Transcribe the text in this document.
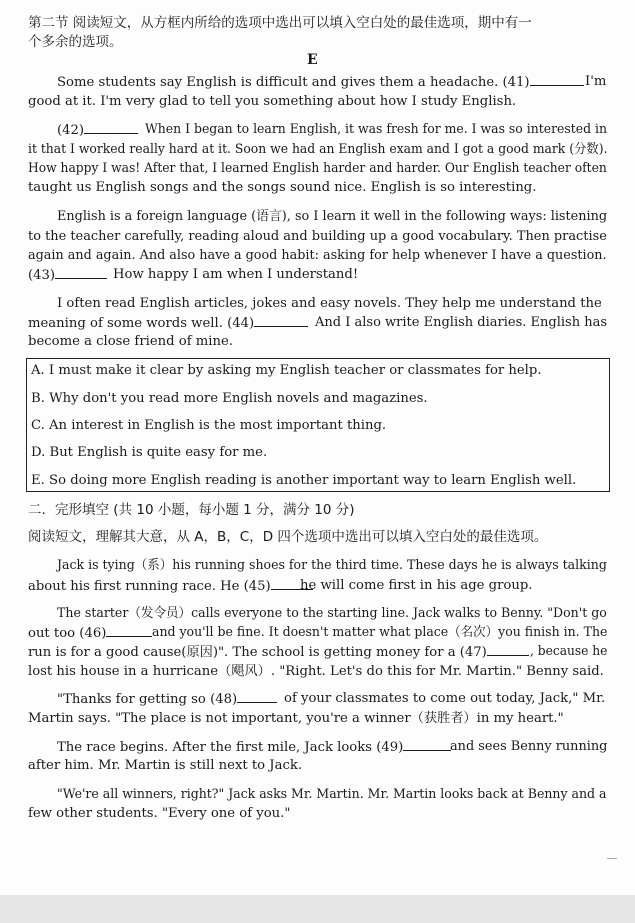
第二节 阅读短文，从方框内所给的选项中选出可以填入空白处的最佳选项，期中有一
个多余的选项。
E
Some students say English is difficult and gives them a headache. (41)	I'm
good at it. I'm very glad to tell you something about how I study English.
(42)	When I began to learn English, it was fresh for me. I was so interested in
it that I worked really hard at it. Soon we had an English exam and I got a good mark (分数).
How happy I was! After that, I learned English harder and harder. Our English teacher often
taught us English songs and the songs sound nice. English is so interesting.
English is a foreign language (语言), so I learn it well in the following ways: listening
to the teacher carefully, reading aloud and building up a good vocabulary. Then practise
again and again. And also have a good habit: asking for help whenever I have a question.
(43)	How happy I am when I understand!
I often read English articles, jokes and easy novels. They help me understand the
meaning of some words well. (44)	And I also write English diaries. English has
become a close friend of mine.
A. I must make it clear by asking my English teacher or classmates for help.
B. Why don't you read more English novels and magazines.
C. An interest in English is the most important thing.
D. But English is quite easy for me.
E. So doing more English reading is another important way to learn English well.
二．完形填空 (共 10 小题，每小题 1 分，满分 10 分)
阅读短文，理解其大意，从 A，B，C，D 四个选项中选出可以填入空白处的最佳选项。
Jack is tying（系）his running shoes for the third time. These days he is always talking
about his first running race. He (45)	he will come first in his age group.
The starter（发令员）calls everyone to the starting line. Jack walks to Benny. "Don't go
out too (46)	and you'll be fine. It doesn't matter what place（名次）you finish in. The
run is for a good cause(原因)". The school is getting money for a (47)	, because he
lost his house in a hurricane（飓风）. "Right. Let's do this for Mr. Martin." Benny said.
"Thanks for getting so (48)	of your classmates to come out today, Jack," Mr.
Martin says. "The place is not important, you're a winner（获胜者）in my heart."
The race begins. After the first mile, Jack looks (49)	and sees Benny running
after him. Mr. Martin is still next to Jack.
"We're all winners, right?" Jack asks Mr. Martin. Mr. Martin looks back at Benny and a
few other students. "Every one of you."
